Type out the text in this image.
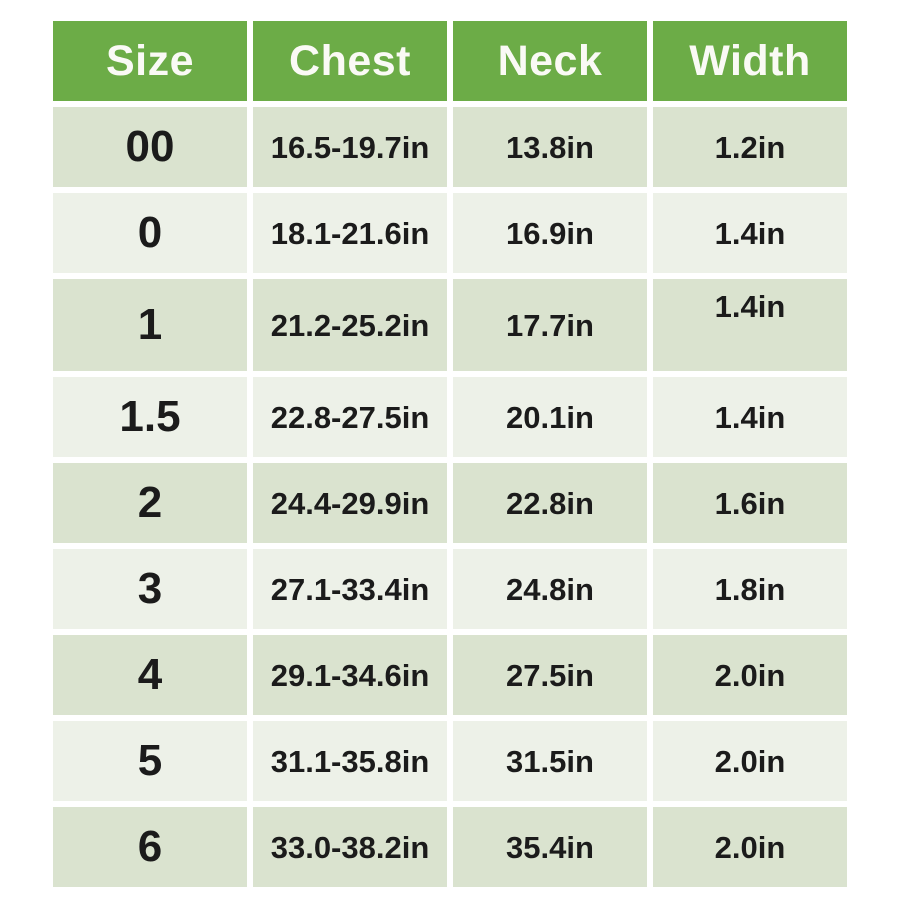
Size	Chest	Neck	Width
00	16.5-19.7in	13.8in	1.2in
0	18.1-21.6in	16.9in	1.4in
1	21.2-25.2in	17.7in	1.4in
1.5	22.8-27.5in	20.1in	1.4in
2	24.4-29.9in	22.8in	1.6in
3	27.1-33.4in	24.8in	1.8in
4	29.1-34.6in	27.5in	2.0in
5	31.1-35.8in	31.5in	2.0in
6	33.0-38.2in	35.4in	2.0in
